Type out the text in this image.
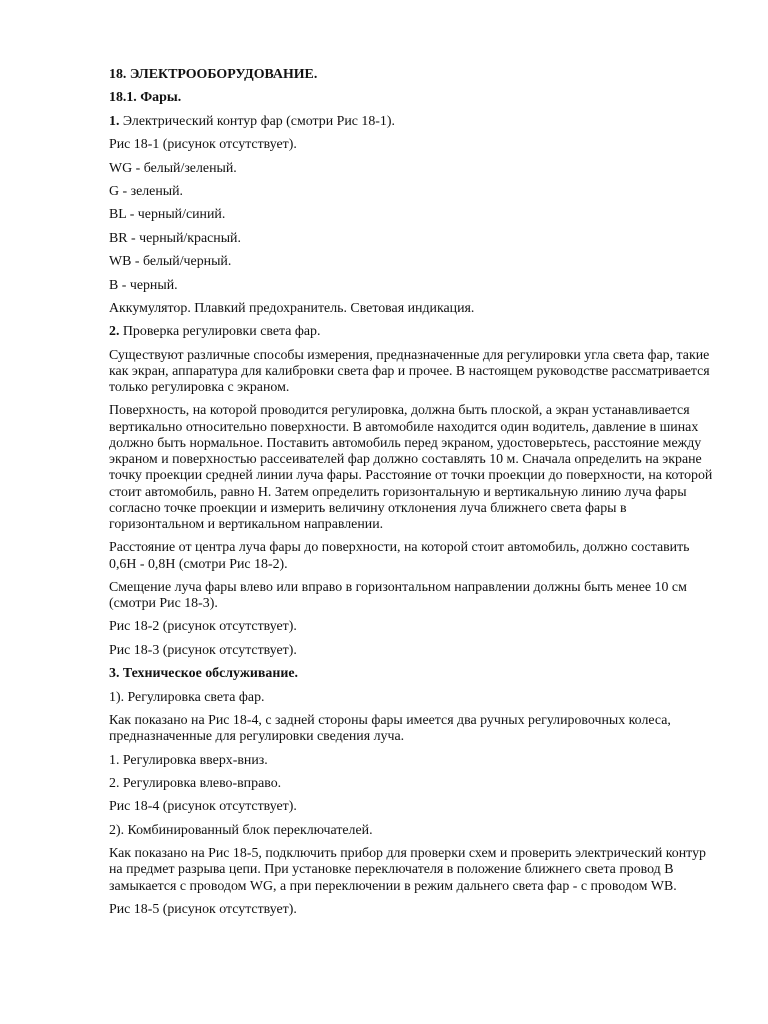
18. ЭЛЕКТРООБОРУДОВАНИЕ.

18.1. Фары.

1. Электрический контур фар (смотри Рис 18-1).

Рис 18-1 (рисунок отсутствует).

WG - белый/зеленый.

G - зеленый.

BL - черный/синий.

BR - черный/красный.

WB - белый/черный.

B - черный.

Аккумулятор. Плавкий предохранитель. Световая индикация.

2. Проверка регулировки света фар.

Существуют различные способы измерения, предназначенные для регулировки угла света фар, такие как экран, аппаратура для калибровки света фар и прочее. В настоящем руководстве рассматривается только регулировка с экраном.

Поверхность, на которой проводится регулировка, должна быть плоской, а экран устанавливается вертикально относительно поверхности. В автомобиле находится один водитель, давление в шинах должно быть нормальное. Поставить автомобиль перед экраном, удостоверьтесь, расстояние между экраном и поверхностью рассеивателей фар должно составлять 10 м. Сначала определить на экране точку проекции средней линии луча фары. Расстояние от точки проекции до поверхности, на которой стоит автомобиль, равно H. Затем определить горизонтальную и вертикальную линию луча фары согласно точке проекции и измерить величину отклонения луча ближнего света фары в горизонтальном и вертикальном направлении.

Расстояние от центра луча фары до поверхности, на которой стоит автомобиль, должно составить 0,6H - 0,8H (смотри Рис 18-2).

Смещение луча фары влево или вправо в горизонтальном направлении должны быть менее 10 см (смотри Рис 18-3).

Рис 18-2 (рисунок отсутствует).

Рис 18-3 (рисунок отсутствует).

3. Техническое обслуживание.

1). Регулировка света фар.

Как показано на Рис 18-4, с задней стороны фары имеется два ручных регулировочных колеса, предназначенные для регулировки сведения луча.

1. Регулировка вверх-вниз.

2. Регулировка влево-вправо.

Рис 18-4 (рисунок отсутствует).

2). Комбинированный блок переключателей.

Как показано на Рис 18-5, подключить прибор для проверки схем и проверить электрический контур на предмет разрыва цепи. При установке переключателя в положение ближнего света провод B замыкается с проводом WG, а при переключении в режим дальнего света фар - с проводом WB.

Рис 18-5 (рисунок отсутствует).
